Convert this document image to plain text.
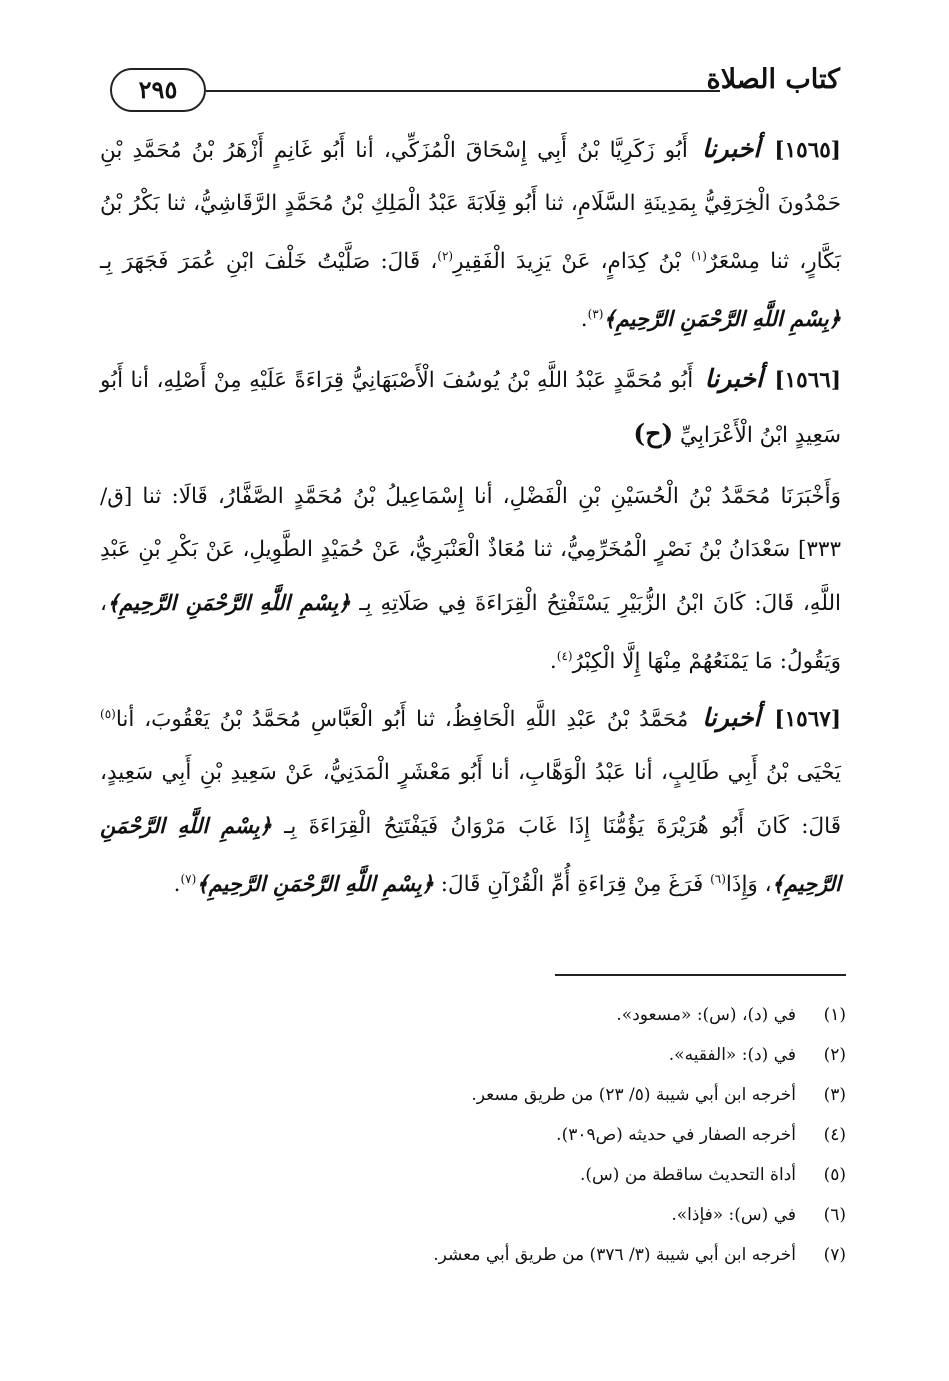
كتاب الصلاة
٢٩٥
[١٥٦٥] أخبرنا أَبُو زَكَرِيَّا بْنُ أَبِي إِسْحَاقَ الْمُزَكِّي، أنا أَبُو غَانِمٍ أَزْهَرُ بْنُ مُحَمَّدِ بْنِ حَمْدُونَ الْخِرَقِيُّ بِمَدِينَةِ السَّلَامِ، ثنا أَبُو قِلَابَةَ عَبْدُ الْمَلِكِ بْنُ مُحَمَّدٍ الرَّقَاشِيُّ، ثنا بَكْرُ بْنُ بَكَّارٍ، ثنا مِسْعَرٌ$^{(١)}$ بْنُ كِدَامٍ، عَنْ يَزِيدَ الْفَقِيرِ$^{(٢)}$، قَالَ: صَلَّيْتُ خَلْفَ ابْنِ عُمَرَ فَجَهَرَ بِـ ﴿بِسْمِ اللَّهِ الرَّحْمَنِ الرَّحِيمِ﴾$^{(٣)}$.
[١٥٦٦] أخبرنا أَبُو مُحَمَّدٍ عَبْدُ اللَّهِ بْنُ يُوسُفَ الْأَصْبَهَانِيُّ قِرَاءَةً عَلَيْهِ مِنْ أَصْلِهِ، أنا أَبُو سَعِيدٍ ابْنُ الْأَعْرَابِيِّ (ح)
وَأَخْبَرَنَا مُحَمَّدُ بْنُ الْحُسَيْنِ بْنِ الْفَضْلِ، أنا إِسْمَاعِيلُ بْنُ مُحَمَّدٍ الصَّفَّارُ، قَالَا: ثنا [ق/ ٣٣٣] سَعْدَانُ بْنُ نَصْرٍ الْمُخَرِّمِيُّ، ثنا مُعَاذٌ الْعَنْبَرِيُّ، عَنْ حُمَيْدٍ الطَّوِيلِ، عَنْ بَكْرِ بْنِ عَبْدِ اللَّهِ، قَالَ: كَانَ ابْنُ الزُّبَيْرِ يَسْتَفْتِحُ الْقِرَاءَةَ فِي صَلَاتِهِ بِـ ﴿بِسْمِ اللَّهِ الرَّحْمَنِ الرَّحِيمِ﴾، وَيَقُولُ: مَا يَمْنَعُهُمْ مِنْهَا إِلَّا الْكِبْرُ$^{(٤)}$.
[١٥٦٧] أخبرنا مُحَمَّدُ بْنُ عَبْدِ اللَّهِ الْحَافِظُ، ثنا أَبُو الْعَبَّاسِ مُحَمَّدُ بْنُ يَعْقُوبَ، أنا$^{(٥)}$ يَحْيَى بْنُ أَبِي طَالِبٍ، أنا عَبْدُ الْوَهَّابِ، أنا أَبُو مَعْشَرٍ الْمَدَنِيُّ، عَنْ سَعِيدِ بْنِ أَبِي سَعِيدٍ، قَالَ: كَانَ أَبُو هُرَيْرَةَ يَؤُمُّنَا إِذَا غَابَ مَرْوَانُ فَيَفْتَتِحُ الْقِرَاءَةَ بِـ ﴿بِسْمِ اللَّهِ الرَّحْمَنِ الرَّحِيمِ﴾، وَإِذَا$^{(٦)}$ فَرَغَ مِنْ قِرَاءَةِ أُمِّ الْقُرْآنِ قَالَ: ﴿بِسْمِ اللَّهِ الرَّحْمَنِ الرَّحِيمِ﴾$^{(٧)}$.
(١)في (د)، (س): «مسعود».
(٢)في (د): «الفقيه».
(٣)أخرجه ابن أبي شيبة (٥/ ٢٣) من طريق مسعر.
(٤)أخرجه الصفار في حديثه (ص٣٠٩).
(٥)أداة التحديث ساقطة من (س).
(٦)في (س): «فإذا».
(٧)أخرجه ابن أبي شيبة (٣/ ٣٧٦) من طريق أبي معشر.
